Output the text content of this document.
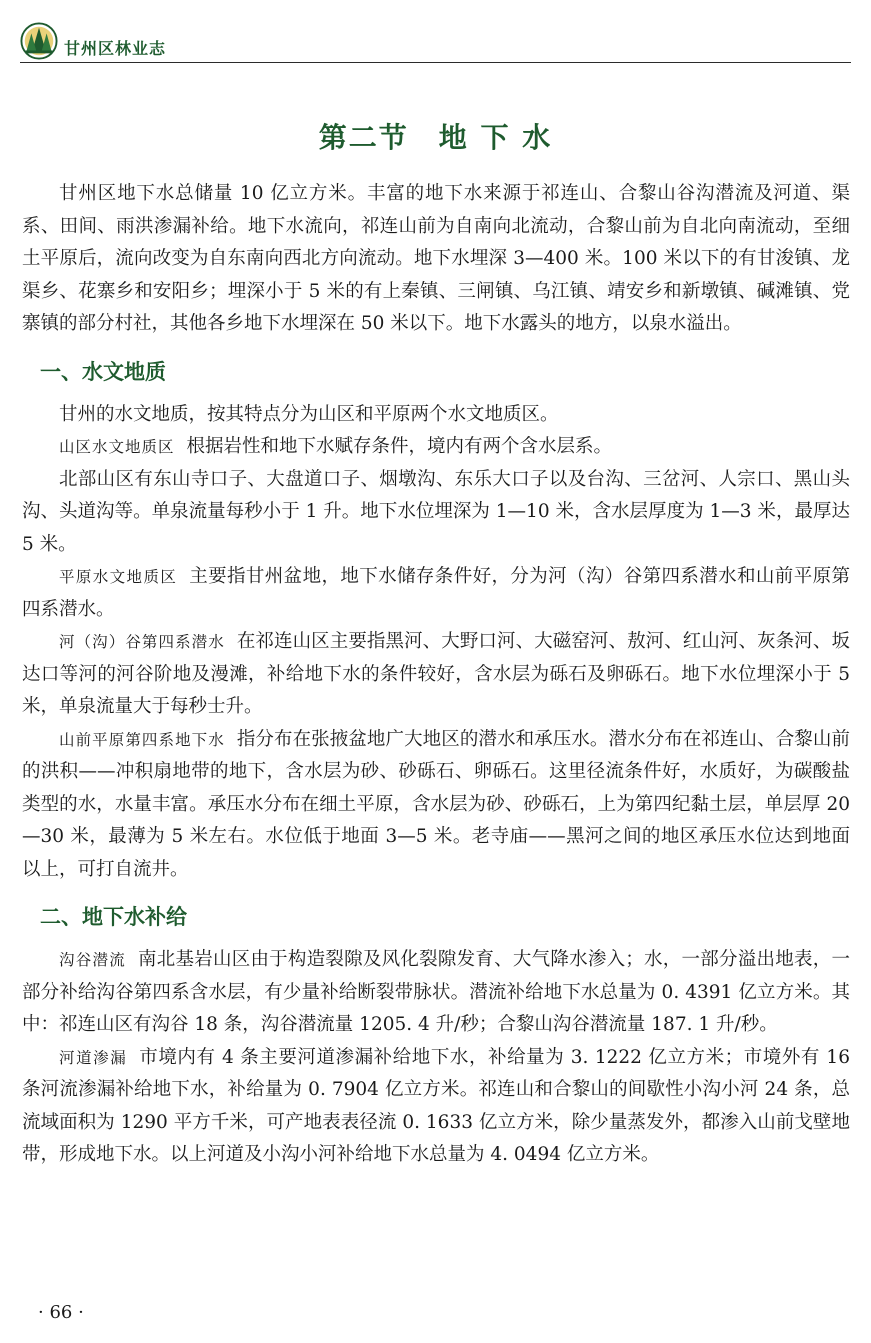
甘州区林业志
第二节　地 下 水

甘州区地下水总储量 10 亿立方米。丰富的地下水来源于祁连山、合黎山谷沟潜流及河道、渠系、田间、雨洪渗漏补给。地下水流向，祁连山前为自南向北流动，合黎山前为自北向南流动，至细土平原后，流向改变为自东南向西北方向流动。地下水埋深 3—400 米。100 米以下的有甘浚镇、龙渠乡、花寨乡和安阳乡；埋深小于 5 米的有上秦镇、三闸镇、乌江镇、靖安乡和新墩镇、碱滩镇、党寨镇的部分村社，其他各乡地下水埋深在 50 米以下。地下水露头的地方，以泉水溢出。

一、水文地质

甘州的水文地质，按其特点分为山区和平原两个水文地质区。

山区水文地质区 根据岩性和地下水赋存条件，境内有两个含水层系。

北部山区有东山寺口子、大盘道口子、烟墩沟、东乐大口子以及台沟、三岔河、人宗口、黑山头沟、头道沟等。单泉流量每秒小于 1 升。地下水位埋深为 1—10 米，含水层厚度为 1—3 米，最厚达 5 米。

平原水文地质区 主要指甘州盆地，地下水储存条件好，分为河（沟）谷第四系潜水和山前平原第四系潜水。

河（沟）谷第四系潜水 在祁连山区主要指黑河、大野口河、大磁窑河、敖河、红山河、灰条河、坂达口等河的河谷阶地及漫滩，补给地下水的条件较好，含水层为砾石及卵砾石。地下水位埋深小于 5 米，单泉流量大于每秒士升。

山前平原第四系地下水 指分布在张掖盆地广大地区的潜水和承压水。潜水分布在祁连山、合黎山前的洪积——冲积扇地带的地下，含水层为砂、砂砾石、卵砾石。这里径流条件好，水质好，为碳酸盐类型的水，水量丰富。承压水分布在细土平原，含水层为砂、砂砾石，上为第四纪黏土层，单层厚 20—30 米，最薄为 5 米左右。水位低于地面 3—5 米。老寺庙——黑河之间的地区承压水位达到地面以上，可打自流井。

二、地下水补给

沟谷潜流 南北基岩山区由于构造裂隙及风化裂隙发育、大气降水渗入；水，一部分溢出地表，一部分补给沟谷第四系含水层，有少量补给断裂带脉状。潜流补给地下水总量为 0. 4391 亿立方米。其中：祁连山区有沟谷 18 条，沟谷潜流量 1205. 4 升/秒；合黎山沟谷潜流量 187. 1 升/秒。

河道渗漏 市境内有 4 条主要河道渗漏补给地下水，补给量为 3. 1222 亿立方米；市境外有 16 条河流渗漏补给地下水，补给量为 0. 7904 亿立方米。祁连山和合黎山的间歇性小沟小河 24 条，总流域面积为 1290 平方千米，可产地表表径流 0. 1633 亿立方米，除少量蒸发外，都渗入山前戈壁地带，形成地下水。以上河道及小沟小河补给地下水总量为 4. 0494 亿立方米。

· 66 ·
